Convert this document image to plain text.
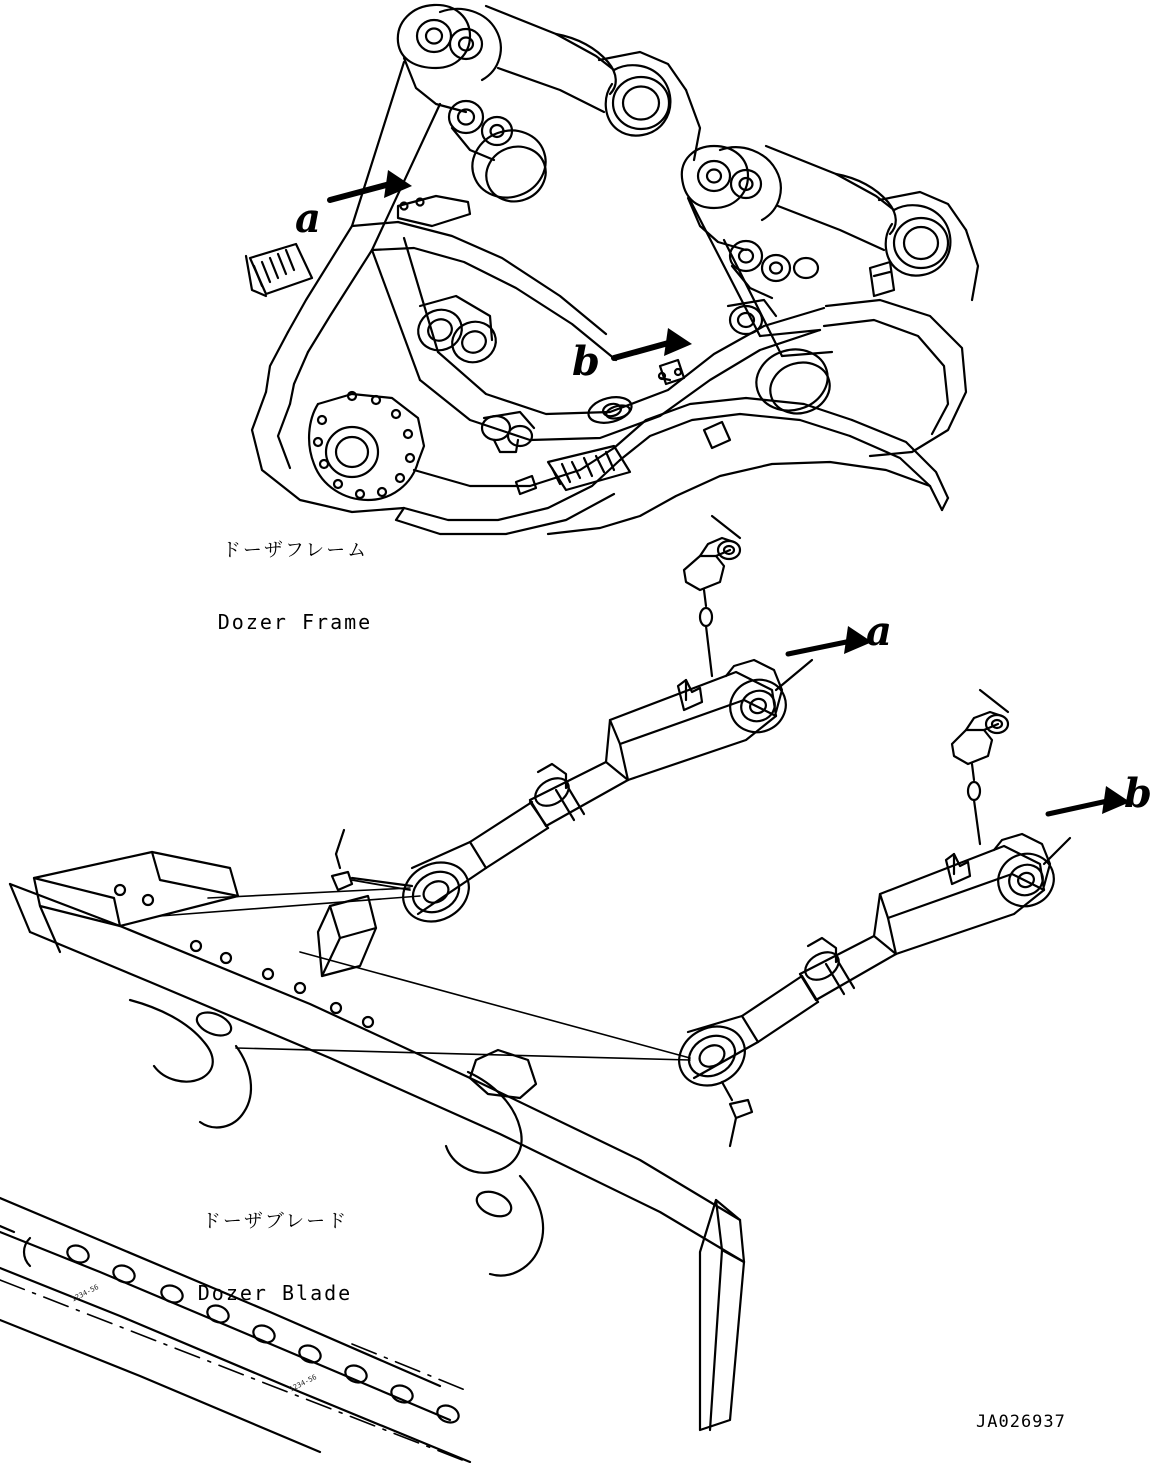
a
b
a
b

ドーザフレーム

Dozer Frame

ドーザブレード

Dozer Blade

1234-56
1234-56
JA026937
